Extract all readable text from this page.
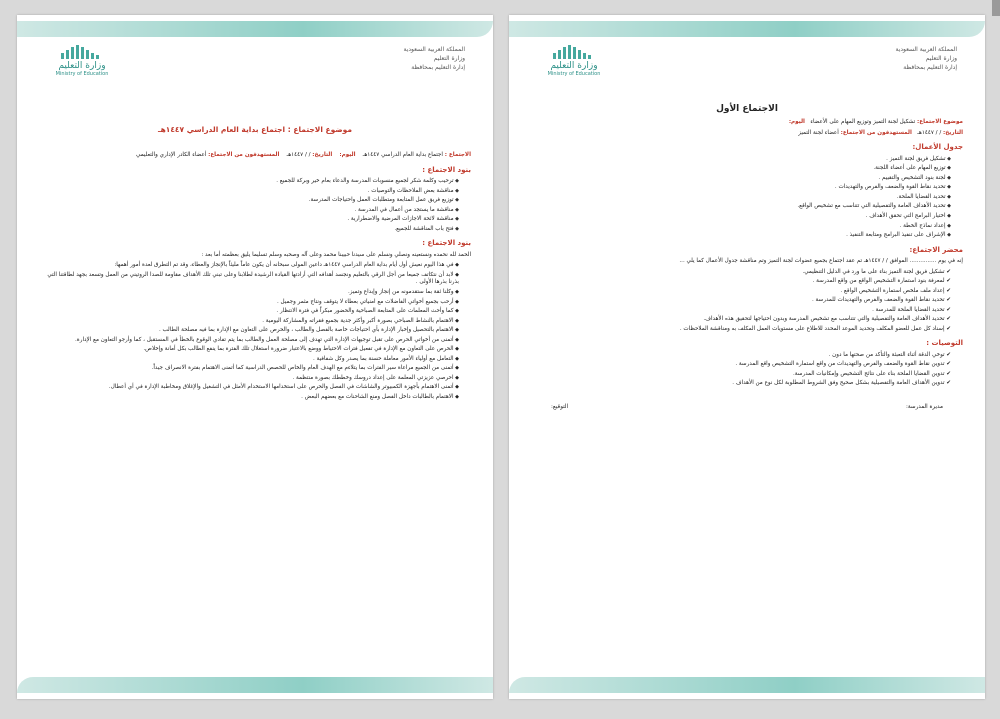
وزارة التعليم
Ministry of Education
المملكة العربية السعودية
وزارة التعليم
إدارة التعليم بمحافظة
موضوع الاجتماع : اجتماع بداية العام الدراسي ١٤٤٧هـ
الاجتماع : اجتماع بداية العام الدراسي ١٤٤٧هـ    اليوم:    التاريخ: / / ١٤٤٧هـ    المستهدفون من الاجتماع: أعضاء الكادر الإداري والتعليمي
بنود الاجتماع :
◆ ترحيب وكلمة شكر لجميع منسوبات المدرسة والدعاء بعام خير وبركة للجميع .
◆ مناقشة بعض الملاحظات والتوصيات .
◆ توزيع فريق عمل المتابعة ومتطلبات العمل واحتياجات المدرسة.
◆ مناقشة ما يستجد من أعمال في المدرسة .
◆ مناقشة لائحة الاجازات المرضية والاضطرارية .
◆ فتح باب المناقشة للجميع.
بنود الاجتماع :
الحمد لله نحمده ونستعينه ونصلي ونسلم على سيدنا حبيبنا محمد وعلى آله وصحبه وسلم تسليما يليق بعظمته أما بعد :
◆ في هذا اليوم نعيش أول أيام بداية العام الدراسي ١٤٤٧هـ داعين المولى سبحانه أن يكون عاماً مليئاً بالإنجاز والعطاء، وقد تم التطرق لعدة أمور أهمها:
◆ لابد أن نتكاتف جميعا من أجل الرقي بالتعليم ونجسد أهدافه التي أرادتها القيادة الرشيدة لطلابنا وعلى تبني تلك الأهداف مقاومة للصدا الروتيني من العمل وتسعد بجهد لطاقتنا التي بذرنا بذرها الأولى .
◆ وكلنا ثقة بما ستقدمونه من إنجاز وإبداع وتميز.
◆ أرحب بجميع أخواتي الفاضلات مع امنياتي بعطاء لا يتوقف ونتاج مثمر وجميل .
◆ كما وأحث المعلمات على المتابعة الصباحية والحضور مبكراً في فترة الانتظار .
◆ الاهتمام بالنشاط الصباحي بصورة أكبر وأكثر جدية بجميع فقراته والمشاركة اليومية .
◆ الاهتمام بالتحصيل وإخبار الإدارة بأي احتياجات خاصة بالفصل والطالب ، والحرص على التعاون مع الإدارة بما فيه مصلحة الطالب .
◆ أتمنى من أخواتي الحرص على تقبل توجيهات الإدارة التي تهدف إلى مصلحة العمل والطالب بما يتم تفادي الوقوع بالخطأ في المستقبل ، كما وأرجو التعاون مع الإدارة.
◆ الحرص على التعاون مع الإدارة في تفعيل فترات الاحتياط ووضع بالاعتبار ضرورة استغلال تلك الفترة بما ينفع الطالب بكل أمانة وإخلاص.
◆ التعامل مع أولياء الأمور معاملة حسنة بما يصدر وكل شفافية .
◆ أتمنى من الجميع مراعاة سير الفترات بما يتلاءم مع الهدف العام والخاص للحصص الدراسية كما أتمنى الاهتمام بفترة الانصراف جيداً.
◆ احرصي عزيزتي المعلمة على إعداد دروسك وخططك بصورة منتظمة .
◆ أتمنى الاهتمام بأجهزة الكمبيوتر والشاشات في الفصل والحرص على استخدامها الاستخدام الأمثل في التشغيل والإغلاق ومخاطبة الإدارة في أي أعطال.
◆ الاهتمام بالطالبات داخل الفصل ومنع الشاحنات مع بعضهم البعض .
وزارة التعليم
Ministry of Education
المملكة العربية السعودية
وزارة التعليم
إدارة التعليم بمحافظة
الاجتماع الأول
موضوع الاجتماع: تشكيل لجنة التميز وتوزيع المهام على الأعضاء   اليوم:
التاريخ: / / ١٤٤٧هـ   المستهدفون من الاجتماع: أعضاء لجنة التميز
جدول الأعمال:
◆ تشكيل فريق لجنة التميز .
◆ توزيع المهام على أعضاء اللجنة.
◆ لجنة بنود التشخيص والتقييم .
◆ تحديد نقاط القوة والضعف والفرص والتهديدات .
◆ تحديد القضايا الملحة.
◆ تحديد الأهداف العامة والتفصيلية التي تتناسب مع تشخيص الواقع.
◆ اختيار البرامج التي تحقق الأهداف .
◆ إعداد نماذج الخطة .
◆ الإشراف على تنفيذ البرامج ومتابعة التنفيذ .
محضر الاجتماع:
إنه في يوم ............... الموافق / / ١٤٤٧هـ تم عقد اجتماع بجميع عضوات لجنة التميز وتم مناقشة جدول الأعمال كما يلي ...
✔ تشكيل فريق لجنة التميز بناء على ما ورد في الدليل التنظيمي.
✔ لمعرفة بنود استمارة التشخيص الواقع من واقع المدرسة .
✔ إعداد ملف ملخص استمارة التشخيص الواقع .
✔ تحديد نقاط القوة والضعف والفرص والتهديدات للمدرسة .
✔ تحديد القضايا الملحة للمدرسة .
✔ تحديد الأهداف العامة والتفصيلية والتي تتناسب مع تشخيص المدرسة وبدون احتياجها لتحقيق هذه الأهداف.
✔ إسناد كل عمل للعضو المكلف وتحديد الموعد المحدد للاطلاع على مستويات العمل المكلف به ومناقشة الملاحظات .
التوصيات :
✔ توخي الدقة أثناء التعبئة والتأكد من صحتها ما دون .
✔ تدوين نقاط القوة والضعف والفرص والتهديدات من واقع استمارة التشخيص واقع المدرسة .
✔ تدوين القضايا الملحة بناء على نتائج التشخيص وإمكانيات المدرسة.
✔ تدوين الأهداف العامة والتفصيلية بشكل صحيح وفق الشروط المطلوبة لكل نوع من الأهداف .
مديرة المدرسة:
التوقيع:
